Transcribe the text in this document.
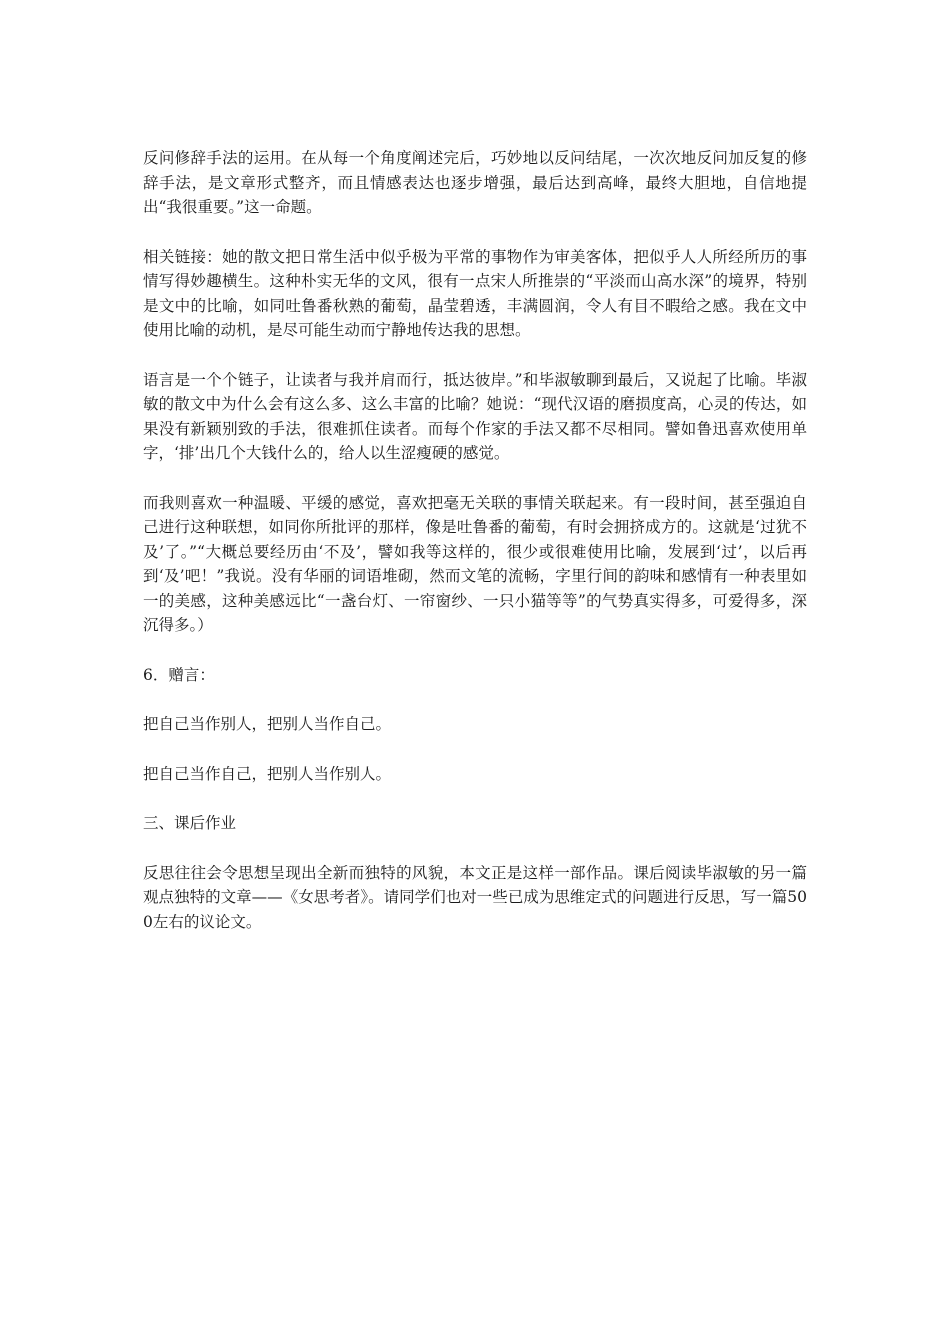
反问修辞手法的运用。在从每一个角度阐述完后，巧妙地以反问结尾，一次次地反问加反复的修辞手法，是文章形式整齐，而且情感表达也逐步增强，最后达到高峰，最终大胆地，自信地提出“我很重要。”这一命题。

相关链接：她的散文把日常生活中似乎极为平常的事物作为审美客体，把似乎人人所经所历的事情写得妙趣横生。这种朴实无华的文风，很有一点宋人所推崇的“平淡而山高水深”的境界，特别是文中的比喻，如同吐鲁番秋熟的葡萄，晶莹碧透，丰满圆润，令人有目不暇给之感。我在文中使用比喻的动机，是尽可能生动而宁静地传达我的思想。

语言是一个个链子，让读者与我并肩而行，抵达彼岸。”和毕淑敏聊到最后，又说起了比喻。毕淑敏的散文中为什么会有这么多、这么丰富的比喻？她说：“现代汉语的磨损度高，心灵的传达，如果没有新颖别致的手法，很难抓住读者。而每个作家的手法又都不尽相同。譬如鲁迅喜欢使用单字，‘排’出几个大钱什么的，给人以生涩瘦硬的感觉。

而我则喜欢一种温暖、平缓的感觉，喜欢把毫无关联的事情关联起来。有一段时间，甚至强迫自己进行这种联想，如同你所批评的那样，像是吐鲁番的葡萄，有时会拥挤成方的。这就是‘过犹不及’了。”“大概总要经历由‘不及’，譬如我等这样的，很少或很难使用比喻，发展到‘过’，以后再到‘及’吧！”我说。没有华丽的词语堆砌，然而文笔的流畅，字里行间的韵味和感情有一种表里如一的美感，这种美感远比“一盏台灯、一帘窗纱、一只小猫等等”的气势真实得多，可爱得多，深沉得多。）

6．赠言：

把自己当作别人，把别人当作自己。

把自己当作自己，把别人当作别人。

三、课后作业

反思往往会令思想呈现出全新而独特的风貌，本文正是这样一部作品。课后阅读毕淑敏的另一篇观点独特的文章——《女思考者》。请同学们也对一些已成为思维定式的问题进行反思，写一篇500左右的议论文。
